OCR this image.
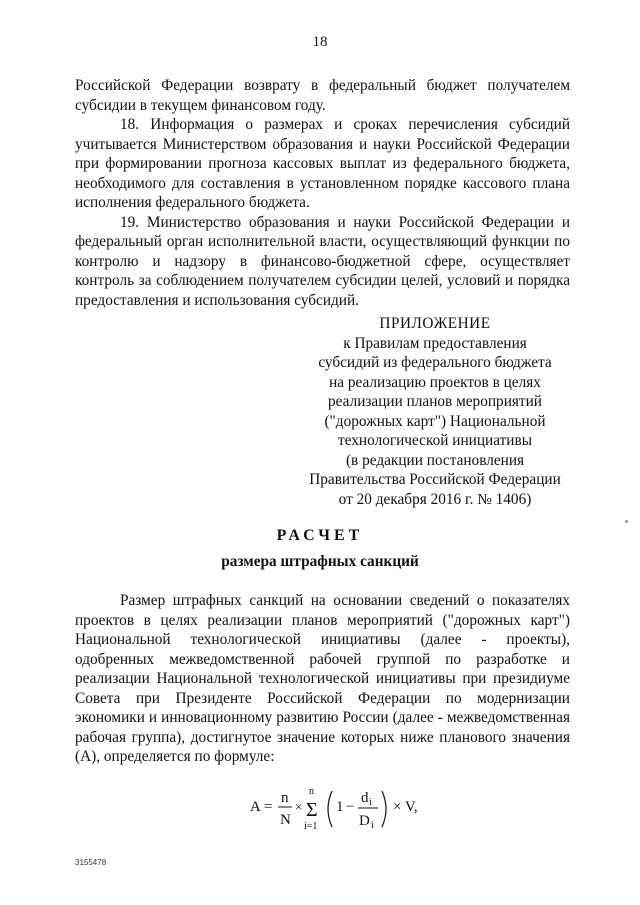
18

Российской Федерации возврату в федеральный бюджет получателем субсидии в текущем финансовом году.

18. Информация о размерах и сроках перечисления субсидий учитывается Министерством образования и науки Российской Федерации при формировании прогноза кассовых выплат из федерального бюджета, необходимого для составления в установленном порядке кассового плана исполнения федерального бюджета.

19. Министерство образования и науки Российской Федерации и федеральный орган исполнительной власти, осуществляющий функции по контролю и надзору в финансово-бюджетной сфере, осуществляет контроль за соблюдением получателем субсидии целей, условий и порядка предоставления и использования субсидий.

ПРИЛОЖЕНИЕ
к Правилам предоставления
субсидий из федерального бюджета
на реализацию проектов в целях
реализации планов мероприятий
("дорожных карт") Национальной
технологической инициативы
(в редакции постановления
Правительства Российской Федерации
от 20 декабря 2016 г. № 1406)
РАСЧЕТ
размера штрафных санкций

Размер штрафных санкций на основании сведений о показателях проектов в целях реализации планов мероприятий ("дорожных карт") Национальной технологической инициативы (далее - проекты), одобренных межведомственной рабочей группой по разработке и реализации Национальной технологической инициативы при президиуме Совета при Президенте Российской Федерации по модернизации экономики и инновационному развитию России (далее - межведомственная рабочая группа), достигнутое значение которых ниже планового значения (А), определяется по формуле:

A =
n
N
×
n
Σ
i=1
1 −
d i
D i
× V,
3155478
